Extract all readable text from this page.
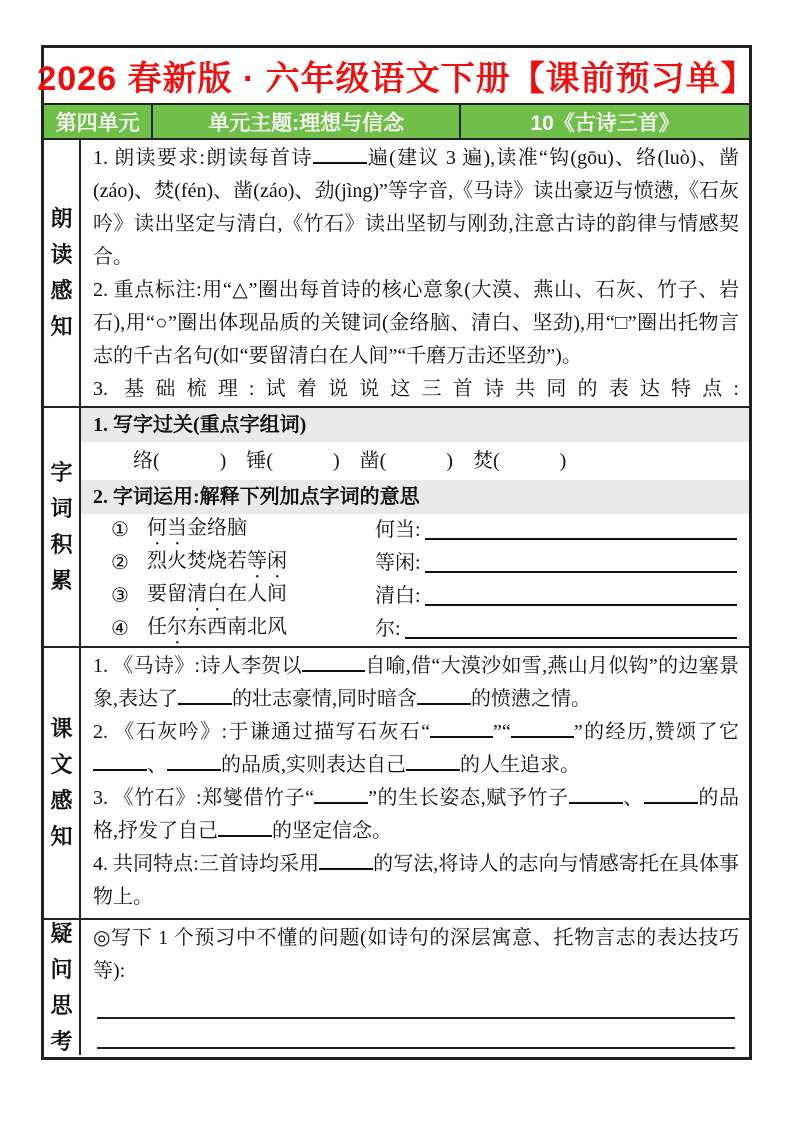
2026 春新版 · 六年级语文下册【课前预习单】
第四单元	单元主题:理想与信念	10《古诗三首》
朗读感知
1. 朗读要求:朗读每首诗	遍(建议 3 遍),读准“钩(gōu)、络(luò)、凿(záo)、焚(fén)、凿(záo)、劲(jìng)”等字音,《马诗》读出豪迈与愤懑,《石灰吟》读出坚定与清白,《竹石》读出坚韧与刚劲,注意古诗的韵律与情感契合。
2. 重点标注:用“△”圈出每首诗的核心意象(大漠、燕山、石灰、竹子、岩石),用“○”圈出体现品质的关键词(金络脑、清白、坚劲),用“□”圈出托物言志的千古名句(如“要留清白在人间”“千磨万击还坚劲”)。
3. 基础梳理:试着说说这三首诗共同的表达特点:
字词积累
1. 写字过关(重点字组词)
络(　　　)　锤(　　　)　凿(　　　)　焚(　　　)
2. 字词运用:解释下列加点字词的意思
① 何当金络脑	何当:
② 烈火焚烧若等闲	等闲:
③ 要留清白在人间	清白:
④ 任尔东西南北风	尔:
课文感知
1. 《马诗》:诗人李贺以	自喻,借“大漠沙如雪,燕山月似钩”的边塞景象,表达了	的壮志豪情,同时暗含	的愤懑之情。
2. 《石灰吟》:于谦通过描写石灰石“	”“	”的经历,赞颂了它、	的品质,实则表达自己	的人生追求。
3. 《竹石》:郑燮借竹子“	”的生长姿态,赋予竹子	、	的品格,抒发了自己	的坚定信念。
4. 共同特点:三首诗均采用	的写法,将诗人的志向与情感寄托在具体事物上。
疑问思考
◎写下 1 个预习中不懂的问题(如诗句的深层寓意、托物言志的表达技巧等):
